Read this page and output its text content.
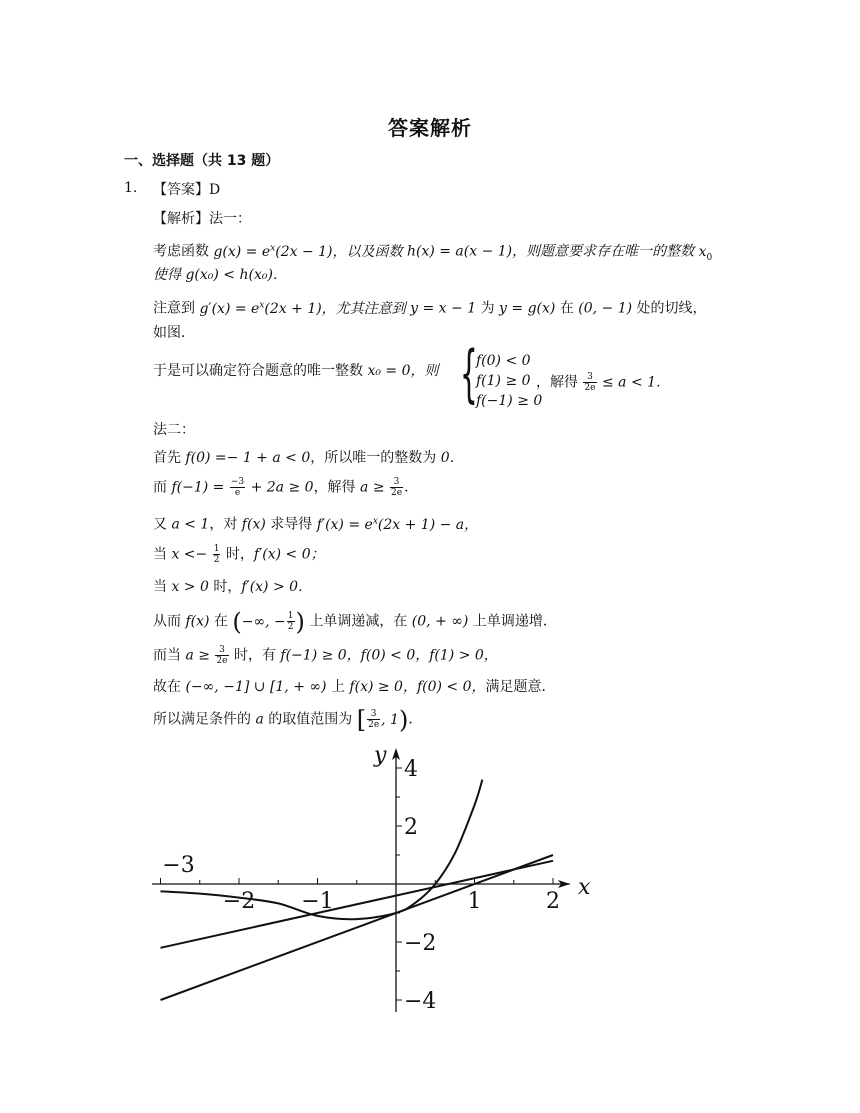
答案解析
一、选择题（共 13 题）
1. 【答案】D
【解析】法一：
考虑函数 $g(x) = e^x(2x - 1)$，以及函数 h(x) = a(x − 1)，则题意要求存在唯一的整数 $x_0$
使得 g(x₀) < h(x₀)．
注意到 $g'(x) = e^x(2x + 1)$，尤其注意到 y = x − 1 为 y = g(x) 在 (0, − 1) 处的切线，
如图．
于是可以确定符合题意的唯一整数 x₀ = 0，则 {
f(0) < 0
f(1) ≥ 0
f(−1) ≥ 0
，解得 $\frac{3}{2e} \le a < 1$．
法二：
首先 f(0) =− 1 + a < 0，所以唯一的整数为 0．
而 $f(-1) = \frac{-3}{e} + 2a \ge 0$，解得 $a \ge \frac{3}{2e}$ ．
又 a < 1，对 f(x) 求导得 $f'(x) = e^x(2x + 1) - a$，
当 $x <- \frac{1}{2}$ 时，f′(x) < 0；
当 x > 0 时，f′(x) > 0．
从而 f(x) 在 (−∞, − $\frac{1}{2}$ ) 上单调递减，在 (0, + ∞) 上单调递增．
而当 $a \ge \frac{3}{2e}$ 时，有 f(−1) ≥ 0，f(0) < 0，f(1) > 0，
故在 (−∞, −1] ∪ [1, + ∞) 上 f(x) ≥ 0，f(0) < 0，满足题意．
所以满足条件的 a 的取值范围为 [ $\frac{3}{2e}$ , 1)．
−3
−2 −1	1	2
4
2
−2
−4
x
y
